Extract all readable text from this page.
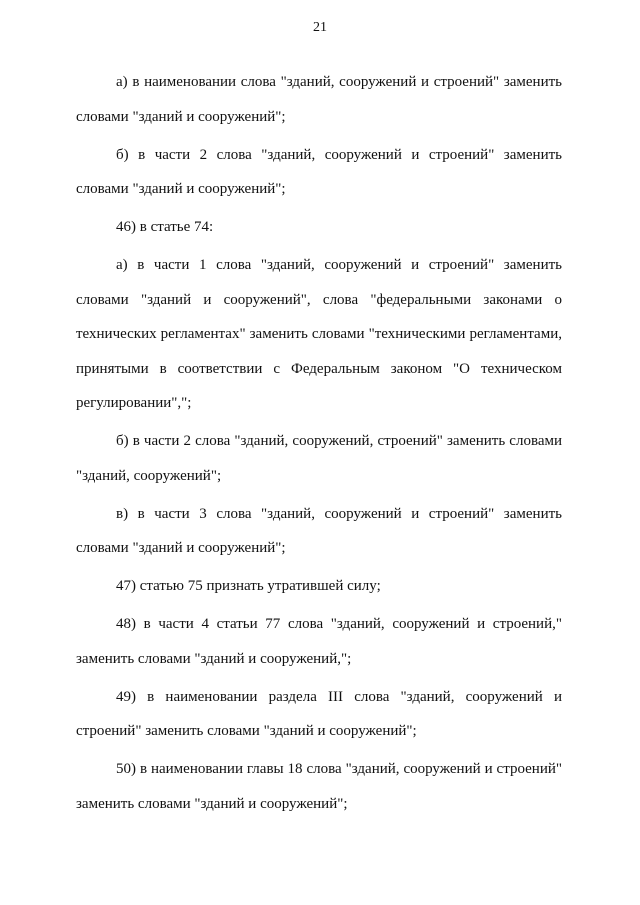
21

а) в наименовании слова "зданий, сооружений и строений" заменить словами "зданий и сооружений";

б) в части 2 слова "зданий, сооружений и строений" заменить словами "зданий и сооружений";

46) в статье 74:

а) в части 1 слова "зданий, сооружений и строений" заменить словами "зданий и сооружений", слова "федеральными законами о технических регламентах" заменить словами "техническими регламентами, принятыми в соответствии с Федеральным законом "О техническом регулировании",";

б) в части 2 слова "зданий, сооружений, строений" заменить словами "зданий, сооружений";

в) в части 3 слова "зданий, сооружений и строений" заменить словами "зданий и сооружений";

47) статью 75 признать утратившей силу;

48) в части 4 статьи 77 слова "зданий, сооружений и строений," заменить словами "зданий и сооружений,";

49) в наименовании раздела III слова "зданий, сооружений и строений" заменить словами "зданий и сооружений";

50) в наименовании главы 18 слова "зданий, сооружений и строений" заменить словами "зданий и сооружений";
